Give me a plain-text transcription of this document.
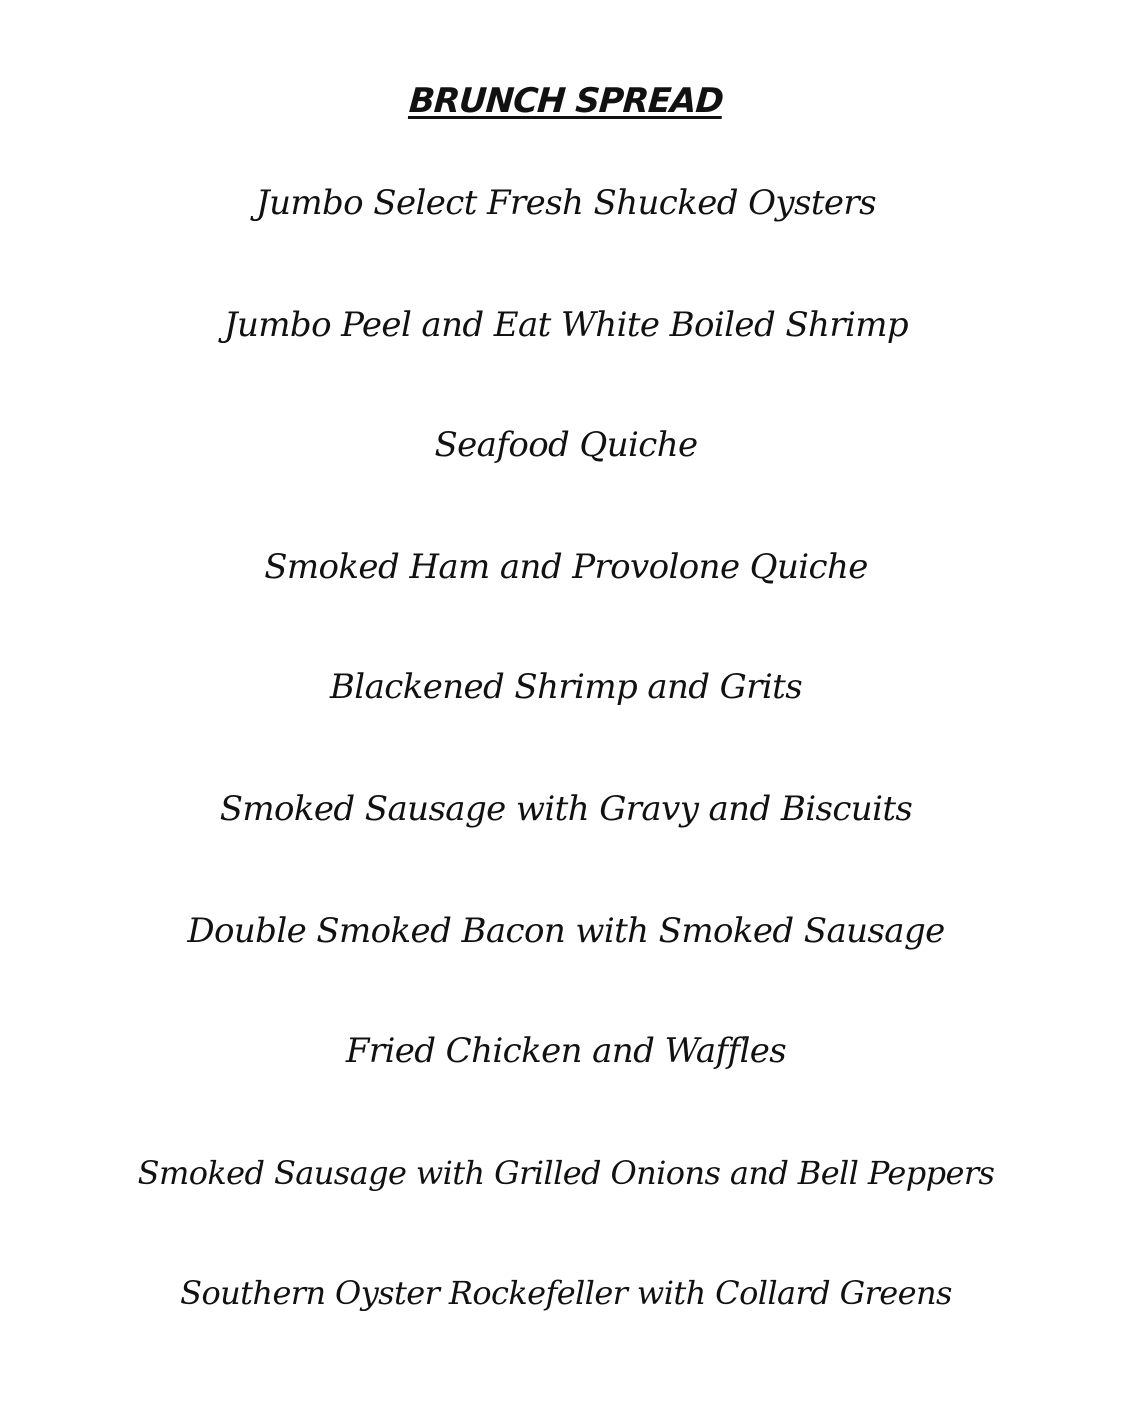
BRUNCH SPREAD
Jumbo Select Fresh Shucked Oysters
Jumbo Peel and Eat White Boiled Shrimp
Seafood Quiche
Smoked Ham and Provolone Quiche
Blackened Shrimp and Grits
Smoked Sausage with Gravy and Biscuits
Double Smoked Bacon with Smoked Sausage
Fried Chicken and Waffles
Smoked Sausage with Grilled Onions and Bell Peppers
Southern Oyster Rockefeller with Collard Greens
